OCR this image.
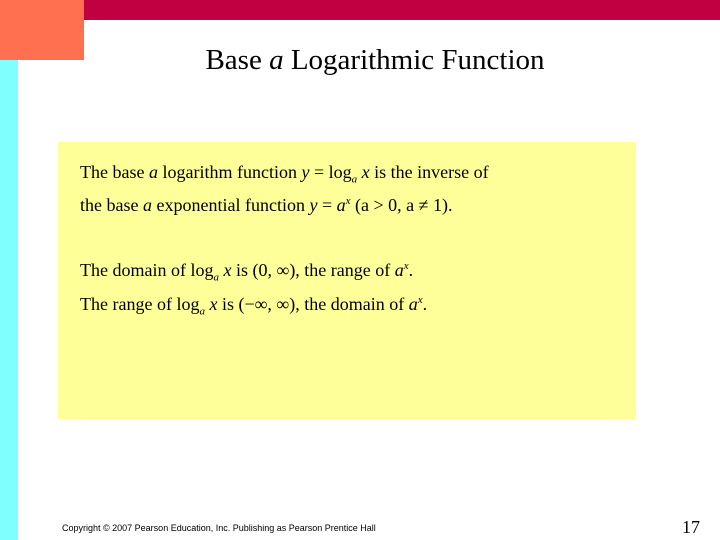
Base a Logarithmic Function
The base a logarithm function $y = \log_a x$ is the inverse of
the base a exponential function $y = a^x$ (a > 0, a ≠ 1).
The domain of $\log_a x$ is (0, ∞), the range of $a^x$.
The range of $\log_a x$ is (−∞, ∞), the domain of $a^x$.
Copyright © 2007 Pearson Education, Inc. Publishing as Pearson Prentice Hall	17
